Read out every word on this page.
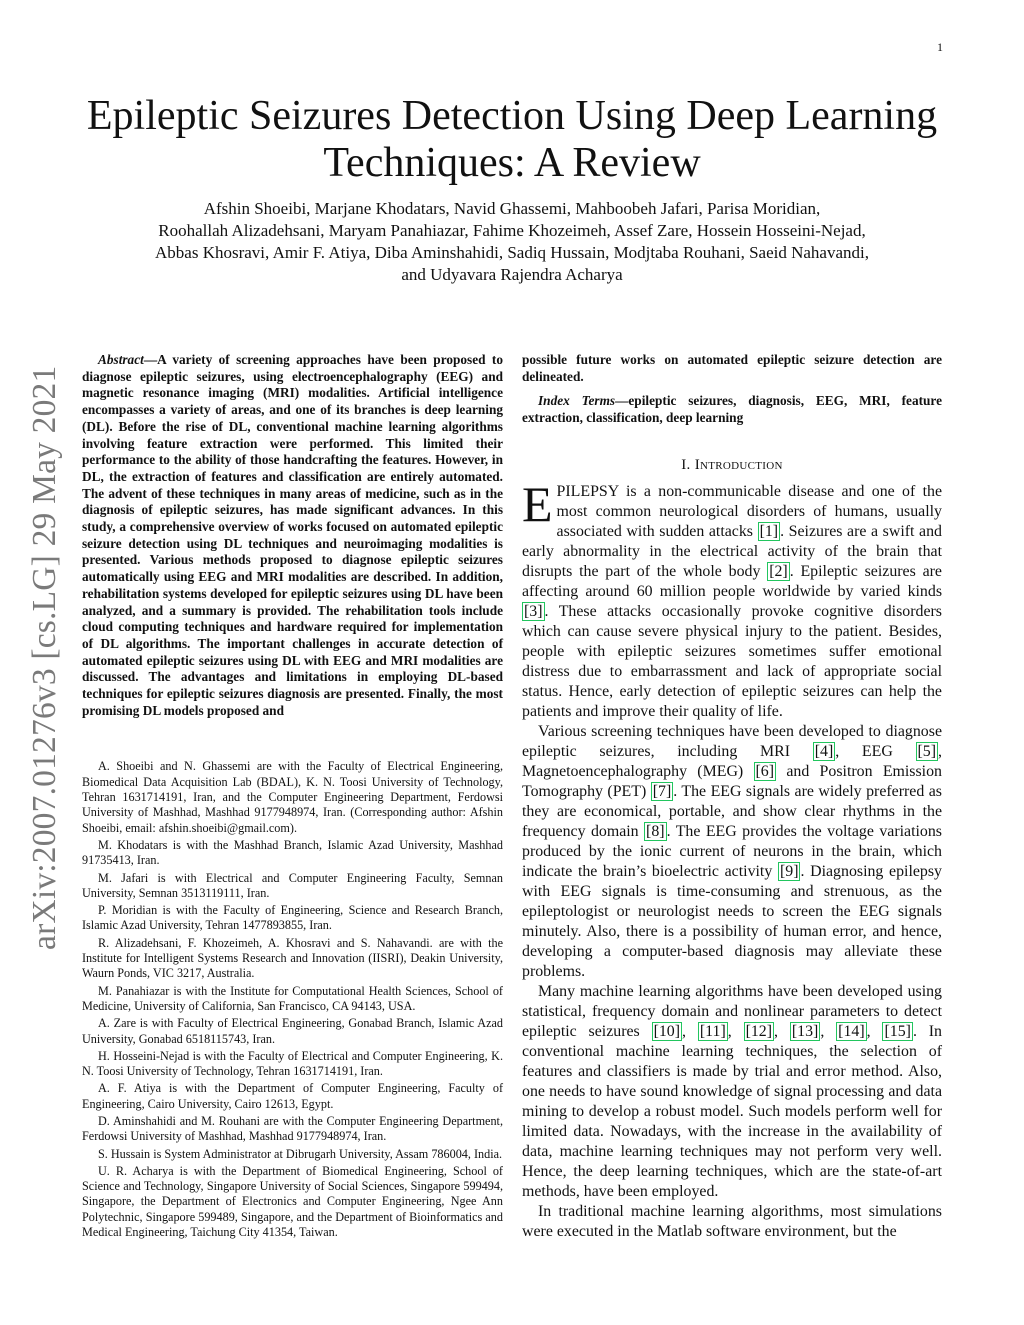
1
arXiv:2007.01276v3 [cs.LG] 29 May 2021
Epileptic Seizures Detection Using Deep Learning Techniques: A Review
Afshin Shoeibi, Marjane Khodatars, Navid Ghassemi, Mahboobeh Jafari, Parisa Moridian,
Roohallah Alizadehsani, Maryam Panahiazar, Fahime Khozeimeh, Assef Zare, Hossein Hosseini-Nejad,
Abbas Khosravi, Amir F. Atiya, Diba Aminshahidi, Sadiq Hussain, Modjtaba Rouhani, Saeid Nahavandi,
and Udyavara Rajendra Acharya

Abstract—A variety of screening approaches have been proposed to diagnose epileptic seizures, using electroencephalography (EEG) and magnetic resonance imaging (MRI) modalities. Artificial intelligence encompasses a variety of areas, and one of its branches is deep learning (DL). Before the rise of DL, conventional machine learning algorithms involving feature extraction were performed. This limited their performance to the ability of those handcrafting the features. However, in DL, the extraction of features and classification are entirely automated. The advent of these techniques in many areas of medicine, such as in the diagnosis of epileptic seizures, has made significant advances. In this study, a comprehensive overview of works focused on automated epileptic seizure detection using DL techniques and neuroimaging modalities is presented. Various methods proposed to diagnose epileptic seizures automatically using EEG and MRI modalities are described. In addition, rehabilitation systems developed for epileptic seizures using DL have been analyzed, and a summary is provided. The rehabilitation tools include cloud computing techniques and hardware required for implementation of DL algorithms. The important challenges in accurate detection of automated epileptic seizures using DL with EEG and MRI modalities are discussed. The advantages and limitations in employing DL-based techniques for epileptic seizures diagnosis are presented. Finally, the most promising DL models proposed and

A. Shoeibi and N. Ghassemi are with the Faculty of Electrical Engineering, Biomedical Data Acquisition Lab (BDAL), K. N. Toosi University of Technology, Tehran 1631714191, Iran, and the Computer Engineering Department, Ferdowsi University of Mashhad, Mashhad 9177948974, Iran. (Corresponding author: Afshin Shoeibi, email: afshin.shoeibi@gmail.com).

M. Khodatars is with the Mashhad Branch, Islamic Azad University, Mashhad 91735413, Iran.

M. Jafari is with Electrical and Computer Engineering Faculty, Semnan University, Semnan 3513119111, Iran.

P. Moridian is with the Faculty of Engineering, Science and Research Branch, Islamic Azad University, Tehran 1477893855, Iran.

R. Alizadehsani, F. Khozeimeh, A. Khosravi and S. Nahavandi. are with the Institute for Intelligent Systems Research and Innovation (IISRI), Deakin University, Waurn Ponds, VIC 3217, Australia.

M. Panahiazar is with the Institute for Computational Health Sciences, School of Medicine, University of California, San Francisco, CA 94143, USA.

A. Zare is with Faculty of Electrical Engineering, Gonabad Branch, Islamic Azad University, Gonabad 6518115743, Iran.

H. Hosseini-Nejad is with the Faculty of Electrical and Computer Engineering, K. N. Toosi University of Technology, Tehran 1631714191, Iran.

A. F. Atiya is with the Department of Computer Engineering, Faculty of Engineering, Cairo University, Cairo 12613, Egypt.

D. Aminshahidi and M. Rouhani are with the Computer Engineering Department, Ferdowsi University of Mashhad, Mashhad 9177948974, Iran.

S. Hussain is System Administrator at Dibrugarh University, Assam 786004, India.

U. R. Acharya is with the Department of Biomedical Engineering, School of Science and Technology, Singapore University of Social Sciences, Singapore 599494, Singapore, the Department of Electronics and Computer Engineering, Ngee Ann Polytechnic, Singapore 599489, Singapore, and the Department of Bioinformatics and Medical Engineering, Taichung City 41354, Taiwan.

possible future works on automated epileptic seizure detection are delineated.

Index Terms—epileptic seizures, diagnosis, EEG, MRI, feature extraction, classification, deep learning

I. Introduction

EPILEPSY is a non-communicable disease and one of the most common neurological disorders of humans, usually associated with sudden attacks [1] . Seizures are a swift and early abnormality in the electrical activity of the brain that disrupts the part of the whole body [2] . Epileptic seizures are affecting around 60 million people worldwide by varied kinds [3] . These attacks occasionally provoke cognitive disorders which can cause severe physical injury to the patient. Besides, people with epileptic seizures sometimes suffer emotional distress due to embarrassment and lack of appropriate social status. Hence, early detection of epileptic seizures can help the patients and improve their quality of life.

Various screening techniques have been developed to diagnose epileptic seizures, including MRI [4] , EEG [5] , Magnetoencephalography (MEG) [6] and Positron Emission Tomography (PET) [7] . The EEG signals are widely preferred as they are economical, portable, and show clear rhythms in the frequency domain [8] . The EEG provides the voltage variations produced by the ionic current of neurons in the brain, which indicate the brain’s bioelectric activity [9] . Diagnosing epilepsy with EEG signals is time-consuming and strenuous, as the epileptologist or neurologist needs to screen the EEG signals minutely. Also, there is a possibility of human error, and hence, developing a computer-based diagnosis may alleviate these problems.

Many machine learning algorithms have been developed using statistical, frequency domain and nonlinear parameters to detect epileptic seizures [10] , [11] , [12] , [13] , [14] , [15] . In conventional machine learning techniques, the selection of features and classifiers is made by trial and error method. Also, one needs to have sound knowledge of signal processing and data mining to develop a robust model. Such models perform well for limited data. Nowadays, with the increase in the availability of data, machine learning techniques may not perform very well. Hence, the deep learning techniques, which are the state-of-art methods, have been employed.

In traditional machine learning algorithms, most simulations were executed in the Matlab software environment, but the
